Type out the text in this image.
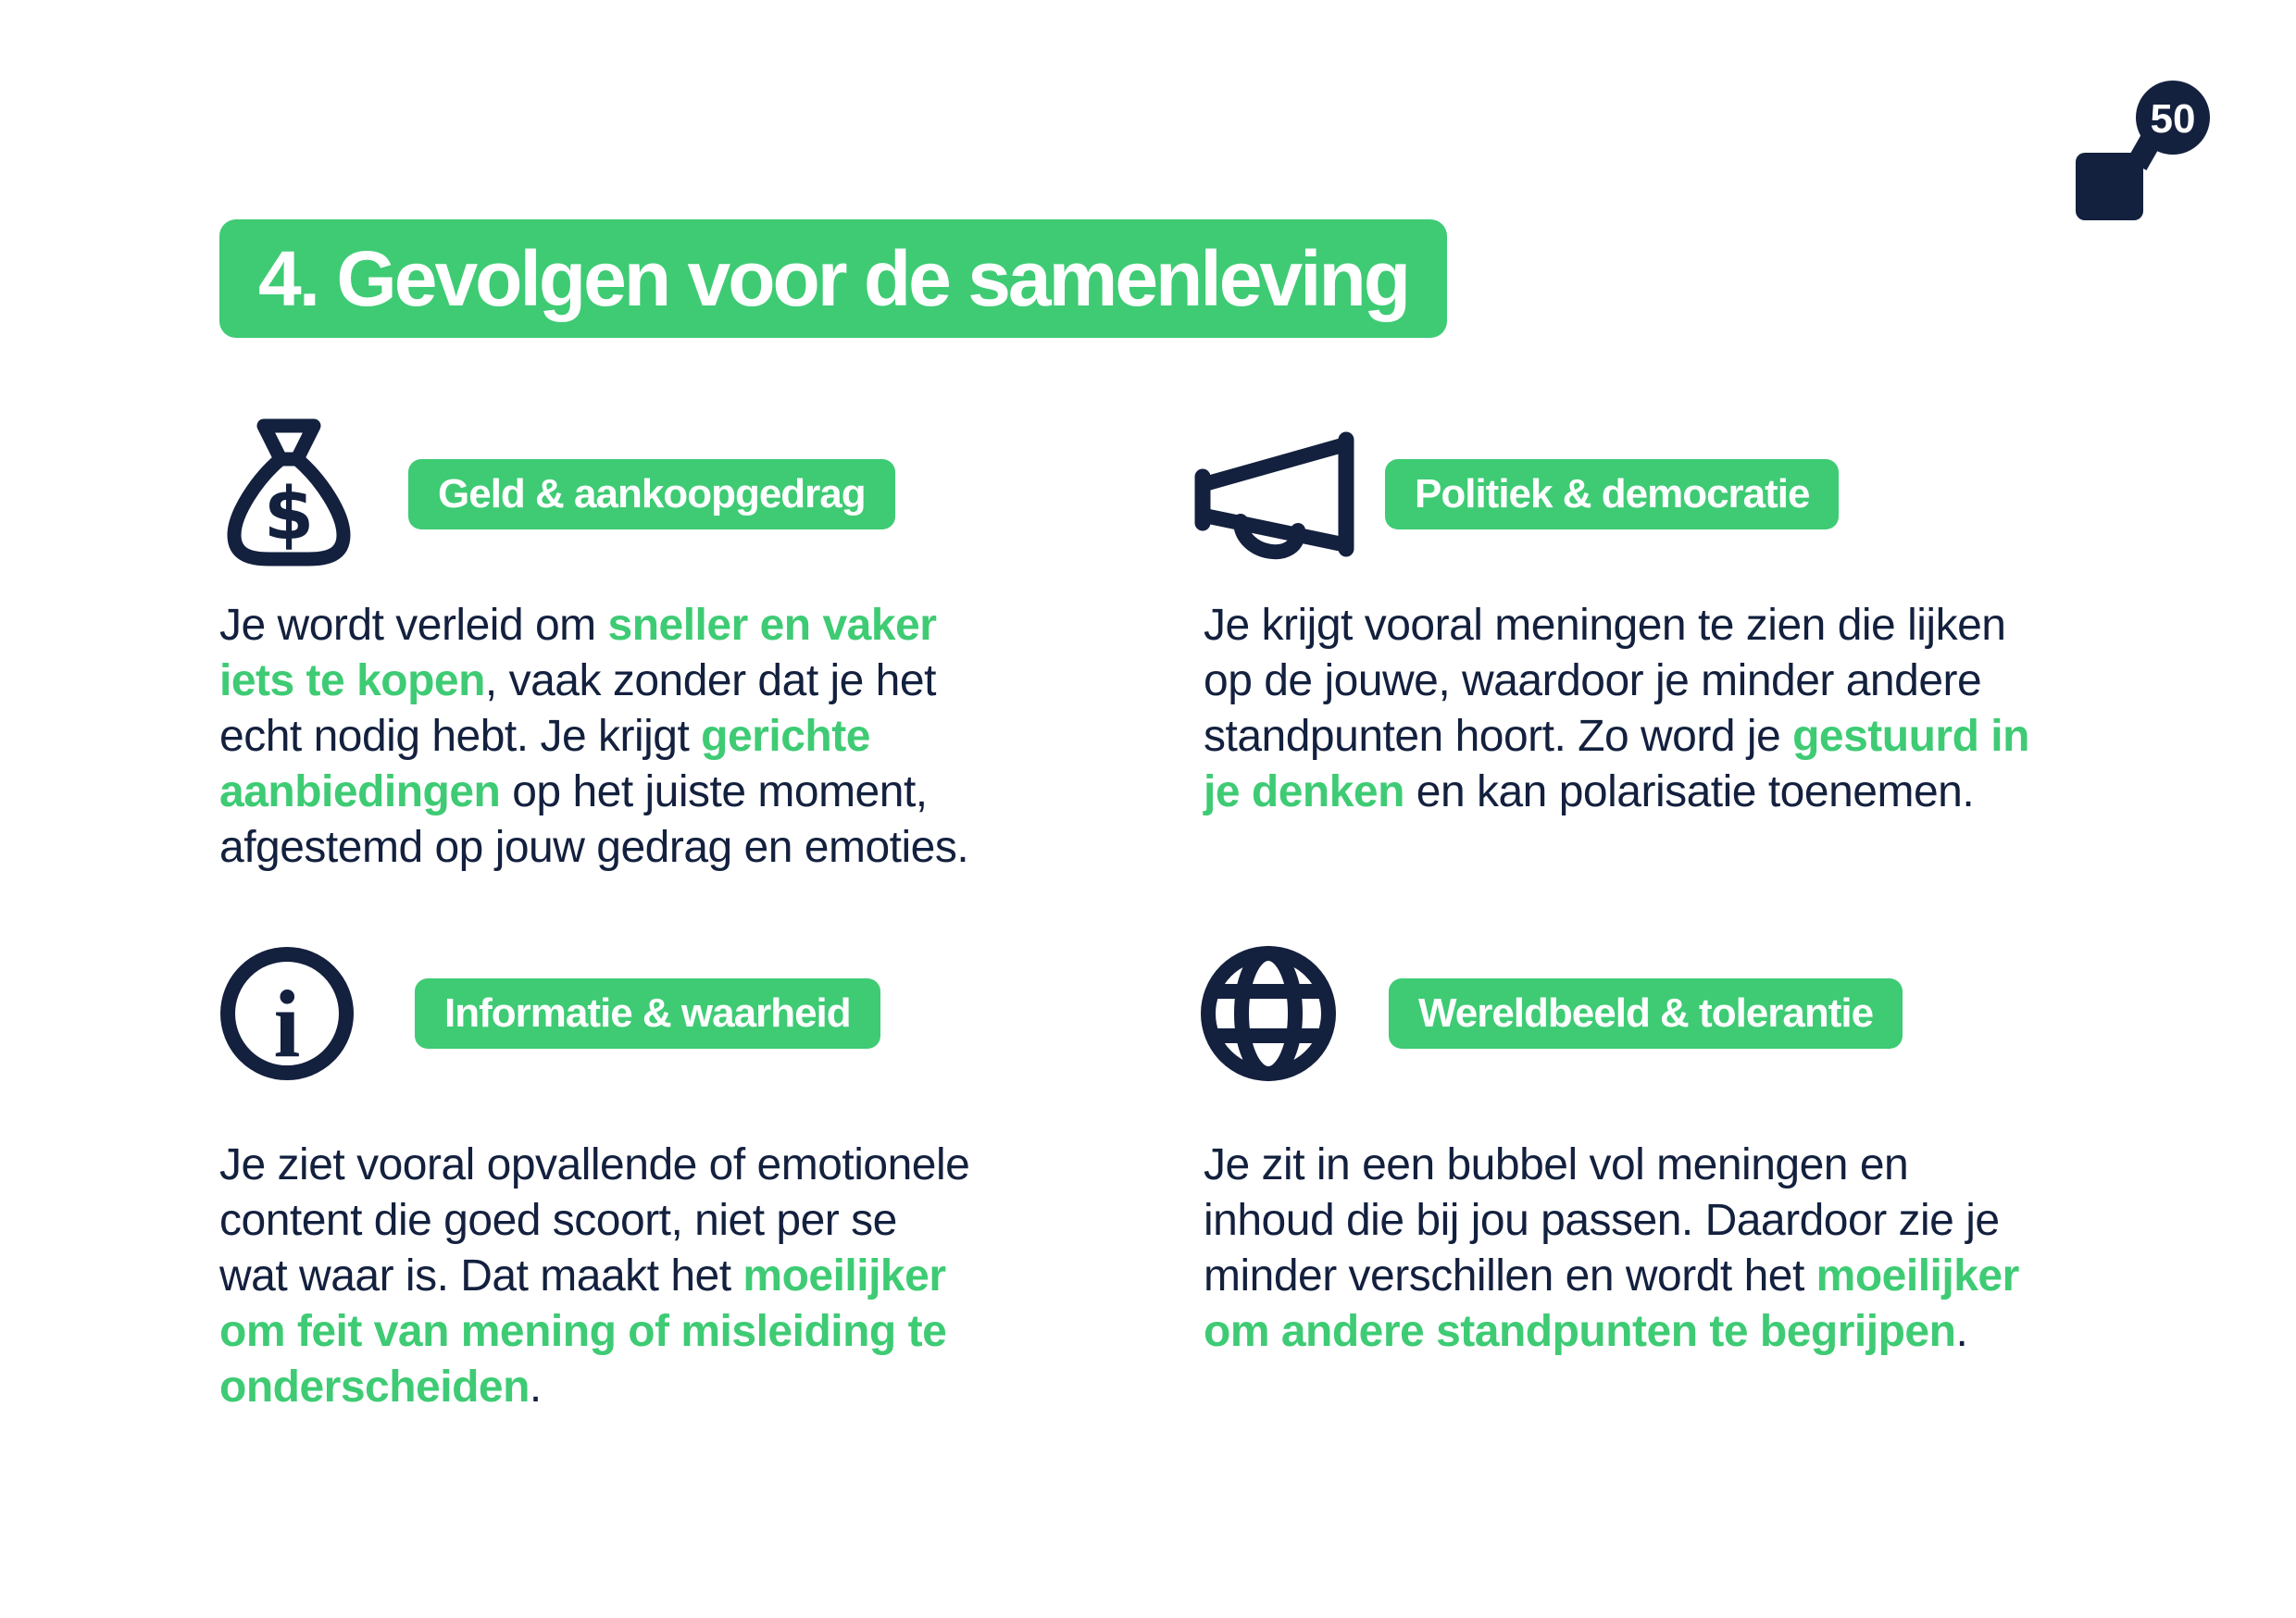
50
4. Gevolgen voor de samenleving
$	Geld & aankoopgedrag
Je wordt verleid om sneller en vaker
iets te kopen, vaak zonder dat je het
echt nodig hebt. Je krijgt gerichte
aanbiedingen op het juiste moment,
afgestemd op jouw gedrag en emoties.
Politiek & democratie
Je krijgt vooral meningen te zien die lijken
op de jouwe, waardoor je minder andere
standpunten hoort. Zo word je gestuurd in
je denken en kan polarisatie toenemen.
i	Informatie & waarheid
Je ziet vooral opvallende of emotionele
content die goed scoort, niet per se
wat waar is. Dat maakt het moeilijker
om feit van mening of misleiding te
onderscheiden.
Wereldbeeld & tolerantie
Je zit in een bubbel vol meningen en
inhoud die bij jou passen. Daardoor zie je
minder verschillen en wordt het moeilijker
om andere standpunten te begrijpen.
